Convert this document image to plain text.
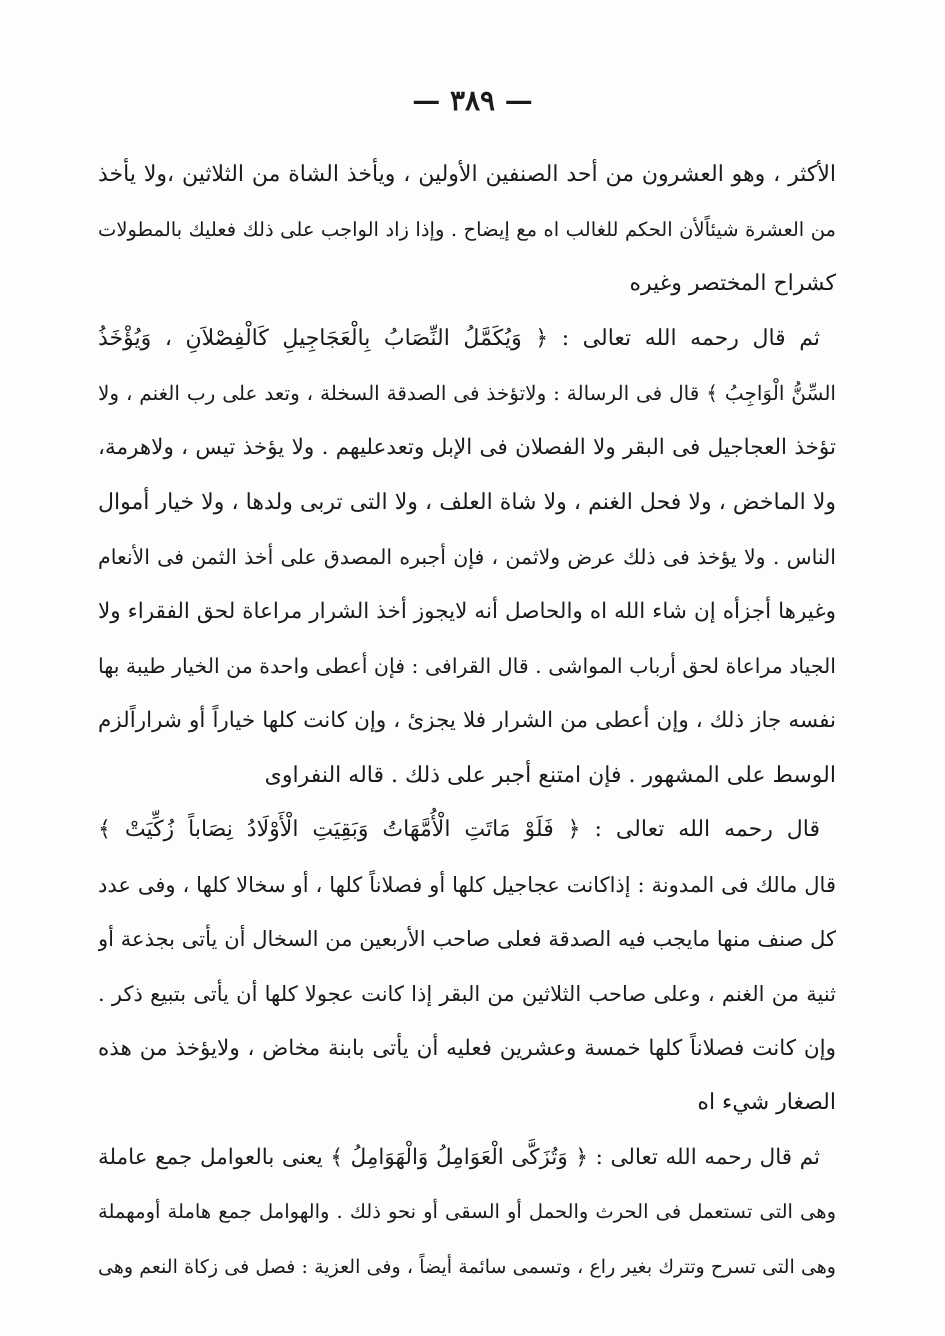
— ٣٨٩ —
الأكثر ، وهو العشرون من أحد الصنفين الأولين ، ويأخذ الشاة من الثلاثين ،ولا يأخذ
من العشرة شيئاًلأن الحكم للغالب اه مع إيضاح . وإذا زاد الواجب على ذلك فعليك بالمطولات
كشراح المختصر وغيره
ثم قال رحمه الله تعالى : ﴿ وَيُكَمَّلُ النِّصَابُ بِالْعَجَاجِيلِ كَالْفِصْلاَنِ ، وَيُؤْخَذُ
السِّنُّ الْوَاجِبُ ﴾ قال فى الرسالة : ولاتؤخذ فى الصدقة السخلة ، وتعد على رب الغنم ، ولا
تؤخذ العجاجيل فى البقر ولا الفصلان فى الإبل وتعدعليهم . ولا يؤخذ تيس ، ولاهرمة،
ولا الماخض ، ولا فحل الغنم ، ولا شاة العلف ، ولا التى تربى ولدها ، ولا خيار أموال
الناس . ولا يؤخذ فى ذلك عرض ولاثمن ، فإن أجبره المصدق على أخذ الثمن فى الأنعام
وغيرها أجزأه إن شاء الله اه والحاصل أنه لايجوز أخذ الشرار مراعاة لحق الفقراء ولا
الجياد مراعاة لحق أرباب المواشى . قال القرافى : فإن أعطى واحدة من الخيار طيبة بها
نفسه جاز ذلك ، وإن أعطى من الشرار فلا يجزئ ، وإن كانت كلها خياراً أو شراراًلزم
الوسط على المشهور . فإن امتنع أجبر على ذلك . قاله النفراوى
قال رحمه الله تعالى : ﴿ فَلَوْ مَاتَتِ الْأُمَّهَاتُ وَبَقِيَتِ الْأَوْلَادُ نِصَاباً زُكِّيَتْ ﴾
قال مالك فى المدونة : إذاكانت عجاجيل كلها أو فصلاناً كلها ، أو سخالا كلها ، وفى عدد
كل صنف منها مايجب فيه الصدقة فعلى صاحب الأربعين من السخال أن يأتى بجذعة أو
ثنية من الغنم ، وعلى صاحب الثلاثين من البقر إذا كانت عجولا كلها أن يأتى بتبيع ذكر .
وإن كانت فصلاناً كلها خمسة وعشرين فعليه أن يأتى بابنة مخاض ، ولايؤخذ من هذه
الصغار شيء اه
ثم قال رحمه الله تعالى : ﴿ وَتُزَكَّى الْعَوَامِلُ وَالْهَوَامِلُ ﴾ يعنى بالعوامل جمع عاملة
وهى التى تستعمل فى الحرث والحمل أو السقى أو نحو ذلك . والهوامل جمع هاملة أومهملة
وهى التى تسرح وتترك بغير راع ، وتسمى سائمة أيضاً ، وفى العزية : فصل فى زكاة النعم وهى
